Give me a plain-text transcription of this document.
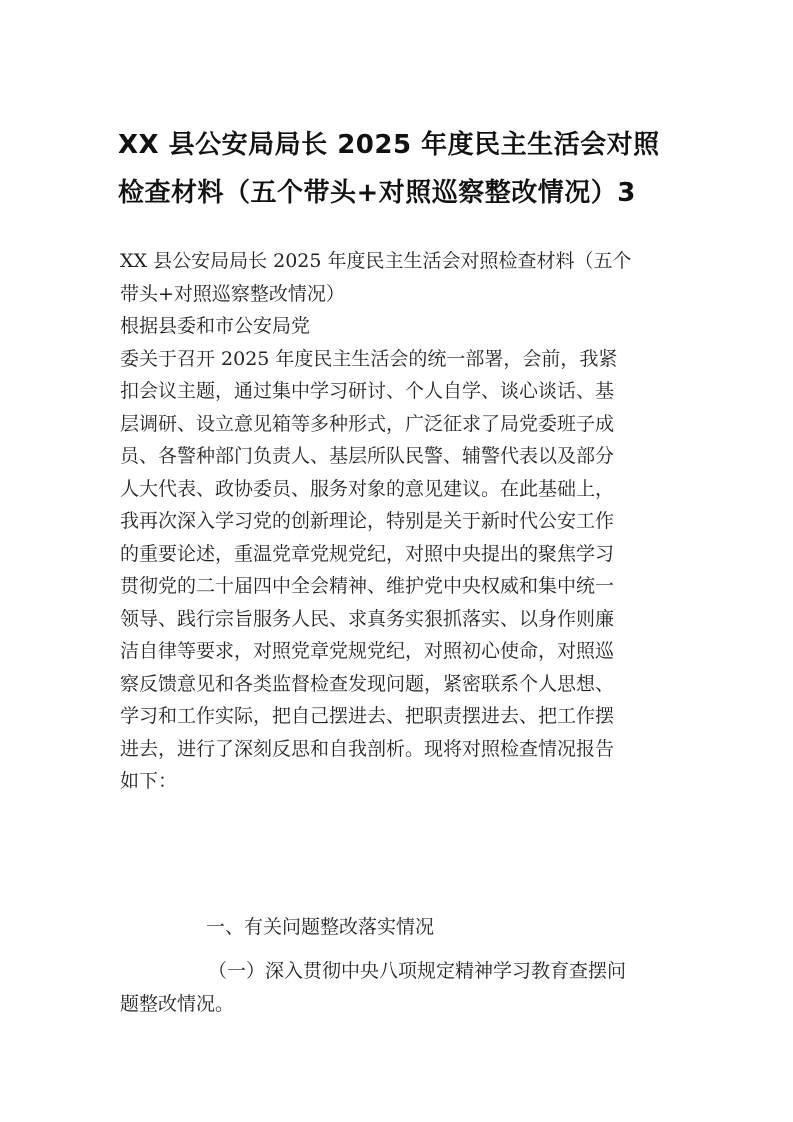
XX 县公安局局长 2025 年度民主生活会对照
检查材料（五个带头+对照巡察整改情况）3
XX 县公安局局长 2025 年度民主生活会对照检查材料（五个
带头+对照巡察整改情况）
根据县委和市公安局党
委关于召开 2025 年度民主生活会的统一部署，会前，我紧
扣会议主题，通过集中学习研讨、个人自学、谈心谈话、基
层调研、设立意见箱等多种形式，广泛征求了局党委班子成
员、各警种部门负责人、基层所队民警、辅警代表以及部分
人大代表、政协委员、服务对象的意见建议。在此基础上，
我再次深入学习党的创新理论，特别是关于新时代公安工作
的重要论述，重温党章党规党纪，对照中央提出的聚焦学习
贯彻党的二十届四中全会精神、维护党中央权威和集中统一
领导、践行宗旨服务人民、求真务实狠抓落实、以身作则廉
洁自律等要求，对照党章党规党纪，对照初心使命，对照巡
察反馈意见和各类监督检查发现问题，紧密联系个人思想、
学习和工作实际，把自己摆进去、把职责摆进去、把工作摆
进去，进行了深刻反思和自我剖析。现将对照检查情况报告
如下：
一、有关问题整改落实情况
（一）深入贯彻中央八项规定精神学习教育查摆问
题整改情况。
